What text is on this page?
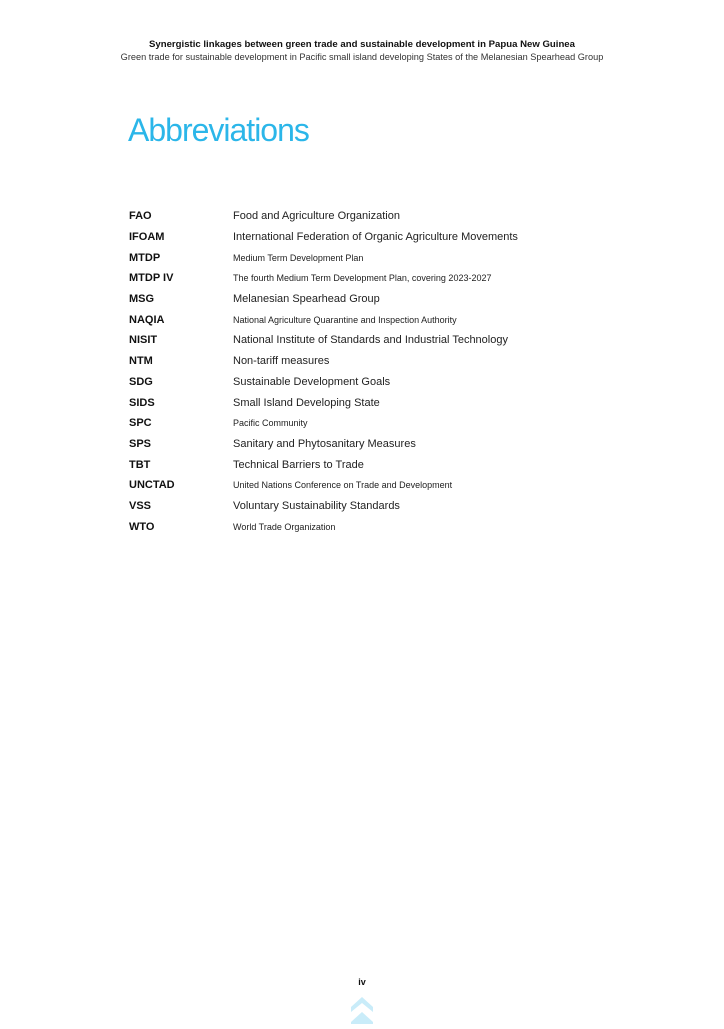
Synergistic linkages between green trade and sustainable development in Papua New Guinea
Green trade for sustainable development in Pacific small island developing States of the Melanesian Spearhead Group
Abbreviations
FAO	Food and Agriculture Organization
IFOAM	International Federation of Organic Agriculture Movements
MTDP	Medium Term Development Plan
MTDP IV	The fourth Medium Term Development Plan, covering 2023-2027
MSG	Melanesian Spearhead Group
NAQIA	National Agriculture Quarantine and Inspection Authority
NISIT	National Institute of Standards and Industrial Technology
NTM	Non-tariff measures
SDG	Sustainable Development Goals
SIDS	Small Island Developing State
SPC	Pacific Community
SPS	Sanitary and Phytosanitary Measures
TBT	Technical Barriers to Trade
UNCTAD	United Nations Conference on Trade and Development
VSS	Voluntary Sustainability Standards
WTO	World Trade Organization
iv
